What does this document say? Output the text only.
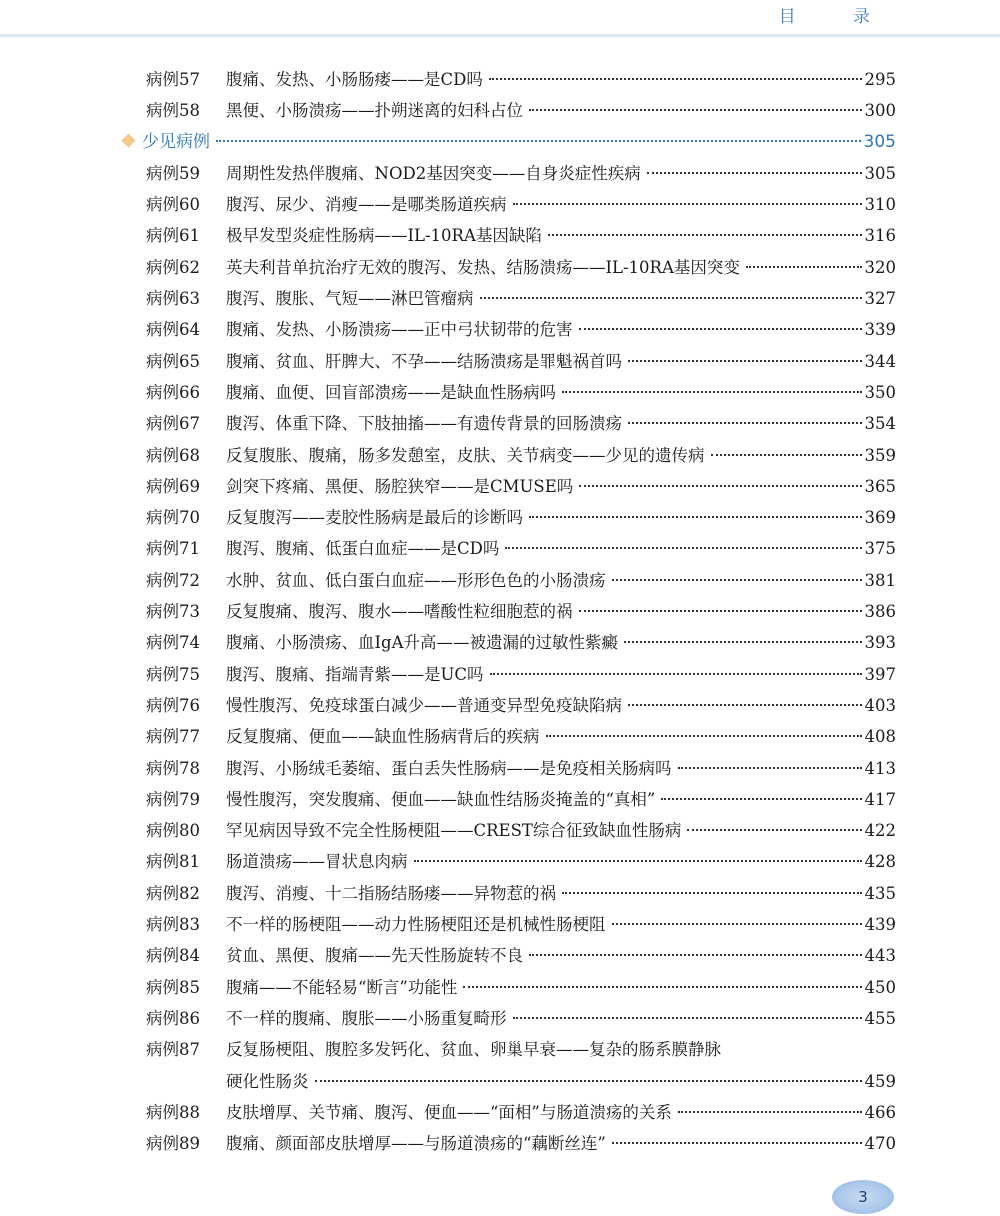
目 录
病例57	腹痛、发热、小肠肠瘘——是CD吗	295
病例58	黑便、小肠溃疡——扑朔迷离的妇科占位	300
少见病例	305
病例59	周期性发热伴腹痛、NOD2基因突变——自身炎症性疾病	305
病例60	腹泻、尿少、消瘦——是哪类肠道疾病	310
病例61	极早发型炎症性肠病——IL-10RA基因缺陷	316
病例62	英夫利昔单抗治疗无效的腹泻、发热、结肠溃疡——IL-10RA基因突变	320
病例63	腹泻、腹胀、气短——淋巴管瘤病	327
病例64	腹痛、发热、小肠溃疡——正中弓状韧带的危害	339
病例65	腹痛、贫血、肝脾大、不孕——结肠溃疡是罪魁祸首吗	344
病例66	腹痛、血便、回盲部溃疡——是缺血性肠病吗	350
病例67	腹泻、体重下降、下肢抽搐——有遗传背景的回肠溃疡	354
病例68	反复腹胀、腹痛，肠多发憩室，皮肤、关节病变——少见的遗传病	359
病例69	剑突下疼痛、黑便、肠腔狭窄——是CMUSE吗	365
病例70	反复腹泻——麦胶性肠病是最后的诊断吗	369
病例71	腹泻、腹痛、低蛋白血症——是CD吗	375
病例72	水肿、贫血、低白蛋白血症——形形色色的小肠溃疡	381
病例73	反复腹痛、腹泻、腹水——嗜酸性粒细胞惹的祸	386
病例74	腹痛、小肠溃疡、血IgA升高——被遗漏的过敏性紫癜	393
病例75	腹泻、腹痛、指端青紫——是UC吗	397
病例76	慢性腹泻、免疫球蛋白减少——普通变异型免疫缺陷病	403
病例77	反复腹痛、便血——缺血性肠病背后的疾病	408
病例78	腹泻、小肠绒毛萎缩、蛋白丢失性肠病——是免疫相关肠病吗	413
病例79	慢性腹泻，突发腹痛、便血——缺血性结肠炎掩盖的“真相”	417
病例80	罕见病因导致不完全性肠梗阻——CREST综合征致缺血性肠病	422
病例81	肠道溃疡——冒状息肉病	428
病例82	腹泻、消瘦、十二指肠结肠瘘——异物惹的祸	435
病例83	不一样的肠梗阻——动力性肠梗阻还是机械性肠梗阻	439
病例84	贫血、黑便、腹痛——先天性肠旋转不良	443
病例85	腹痛——不能轻易“断言”功能性	450
病例86	不一样的腹痛、腹胀——小肠重复畸形	455
病例87	反复肠梗阻、腹腔多发钙化、贫血、卵巢早衰——复杂的肠系膜静脉
硬化性肠炎	459
病例88	皮肤增厚、关节痛、腹泻、便血——“面相”与肠道溃疡的关系	466
病例89	腹痛、颜面部皮肤增厚——与肠道溃疡的“藕断丝连”	470
3
